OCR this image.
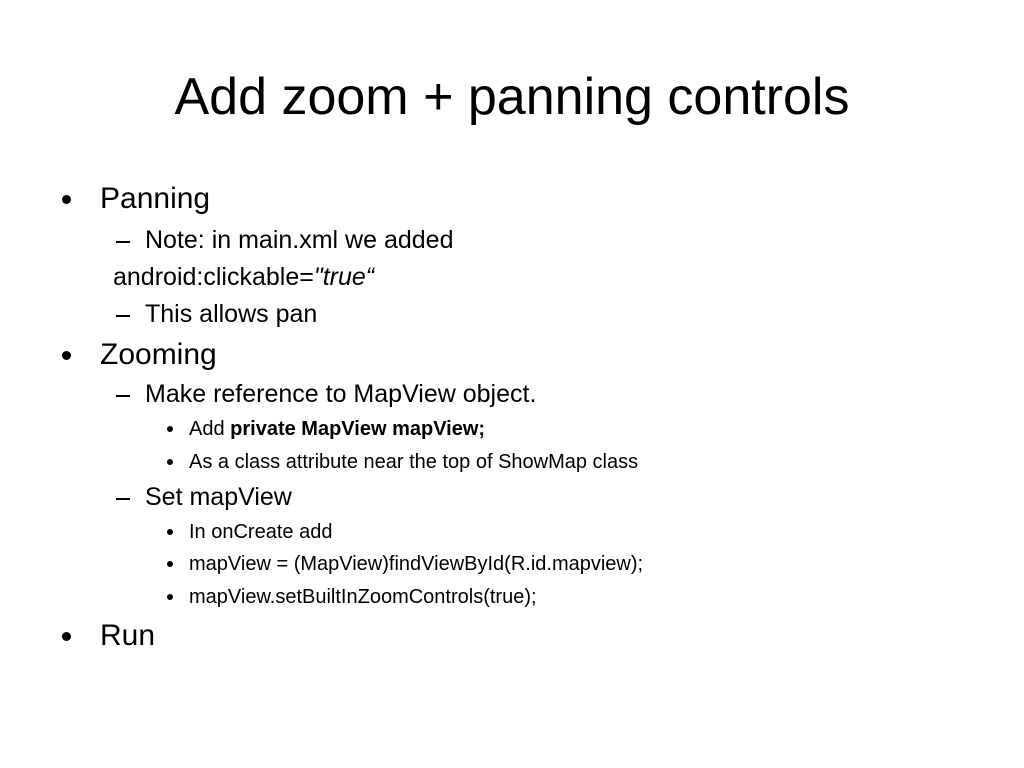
Add zoom + panning controls
Panning
Note: in main.xml we added
android:clickable="true“
This allows pan
Zooming
Make reference to MapView object.
Add private MapView mapView;
As a class attribute near the top of ShowMap class
Set mapView
In onCreate add
mapView = (MapView)findViewById(R.id.mapview);
mapView.setBuiltInZoomControls(true);
Run
